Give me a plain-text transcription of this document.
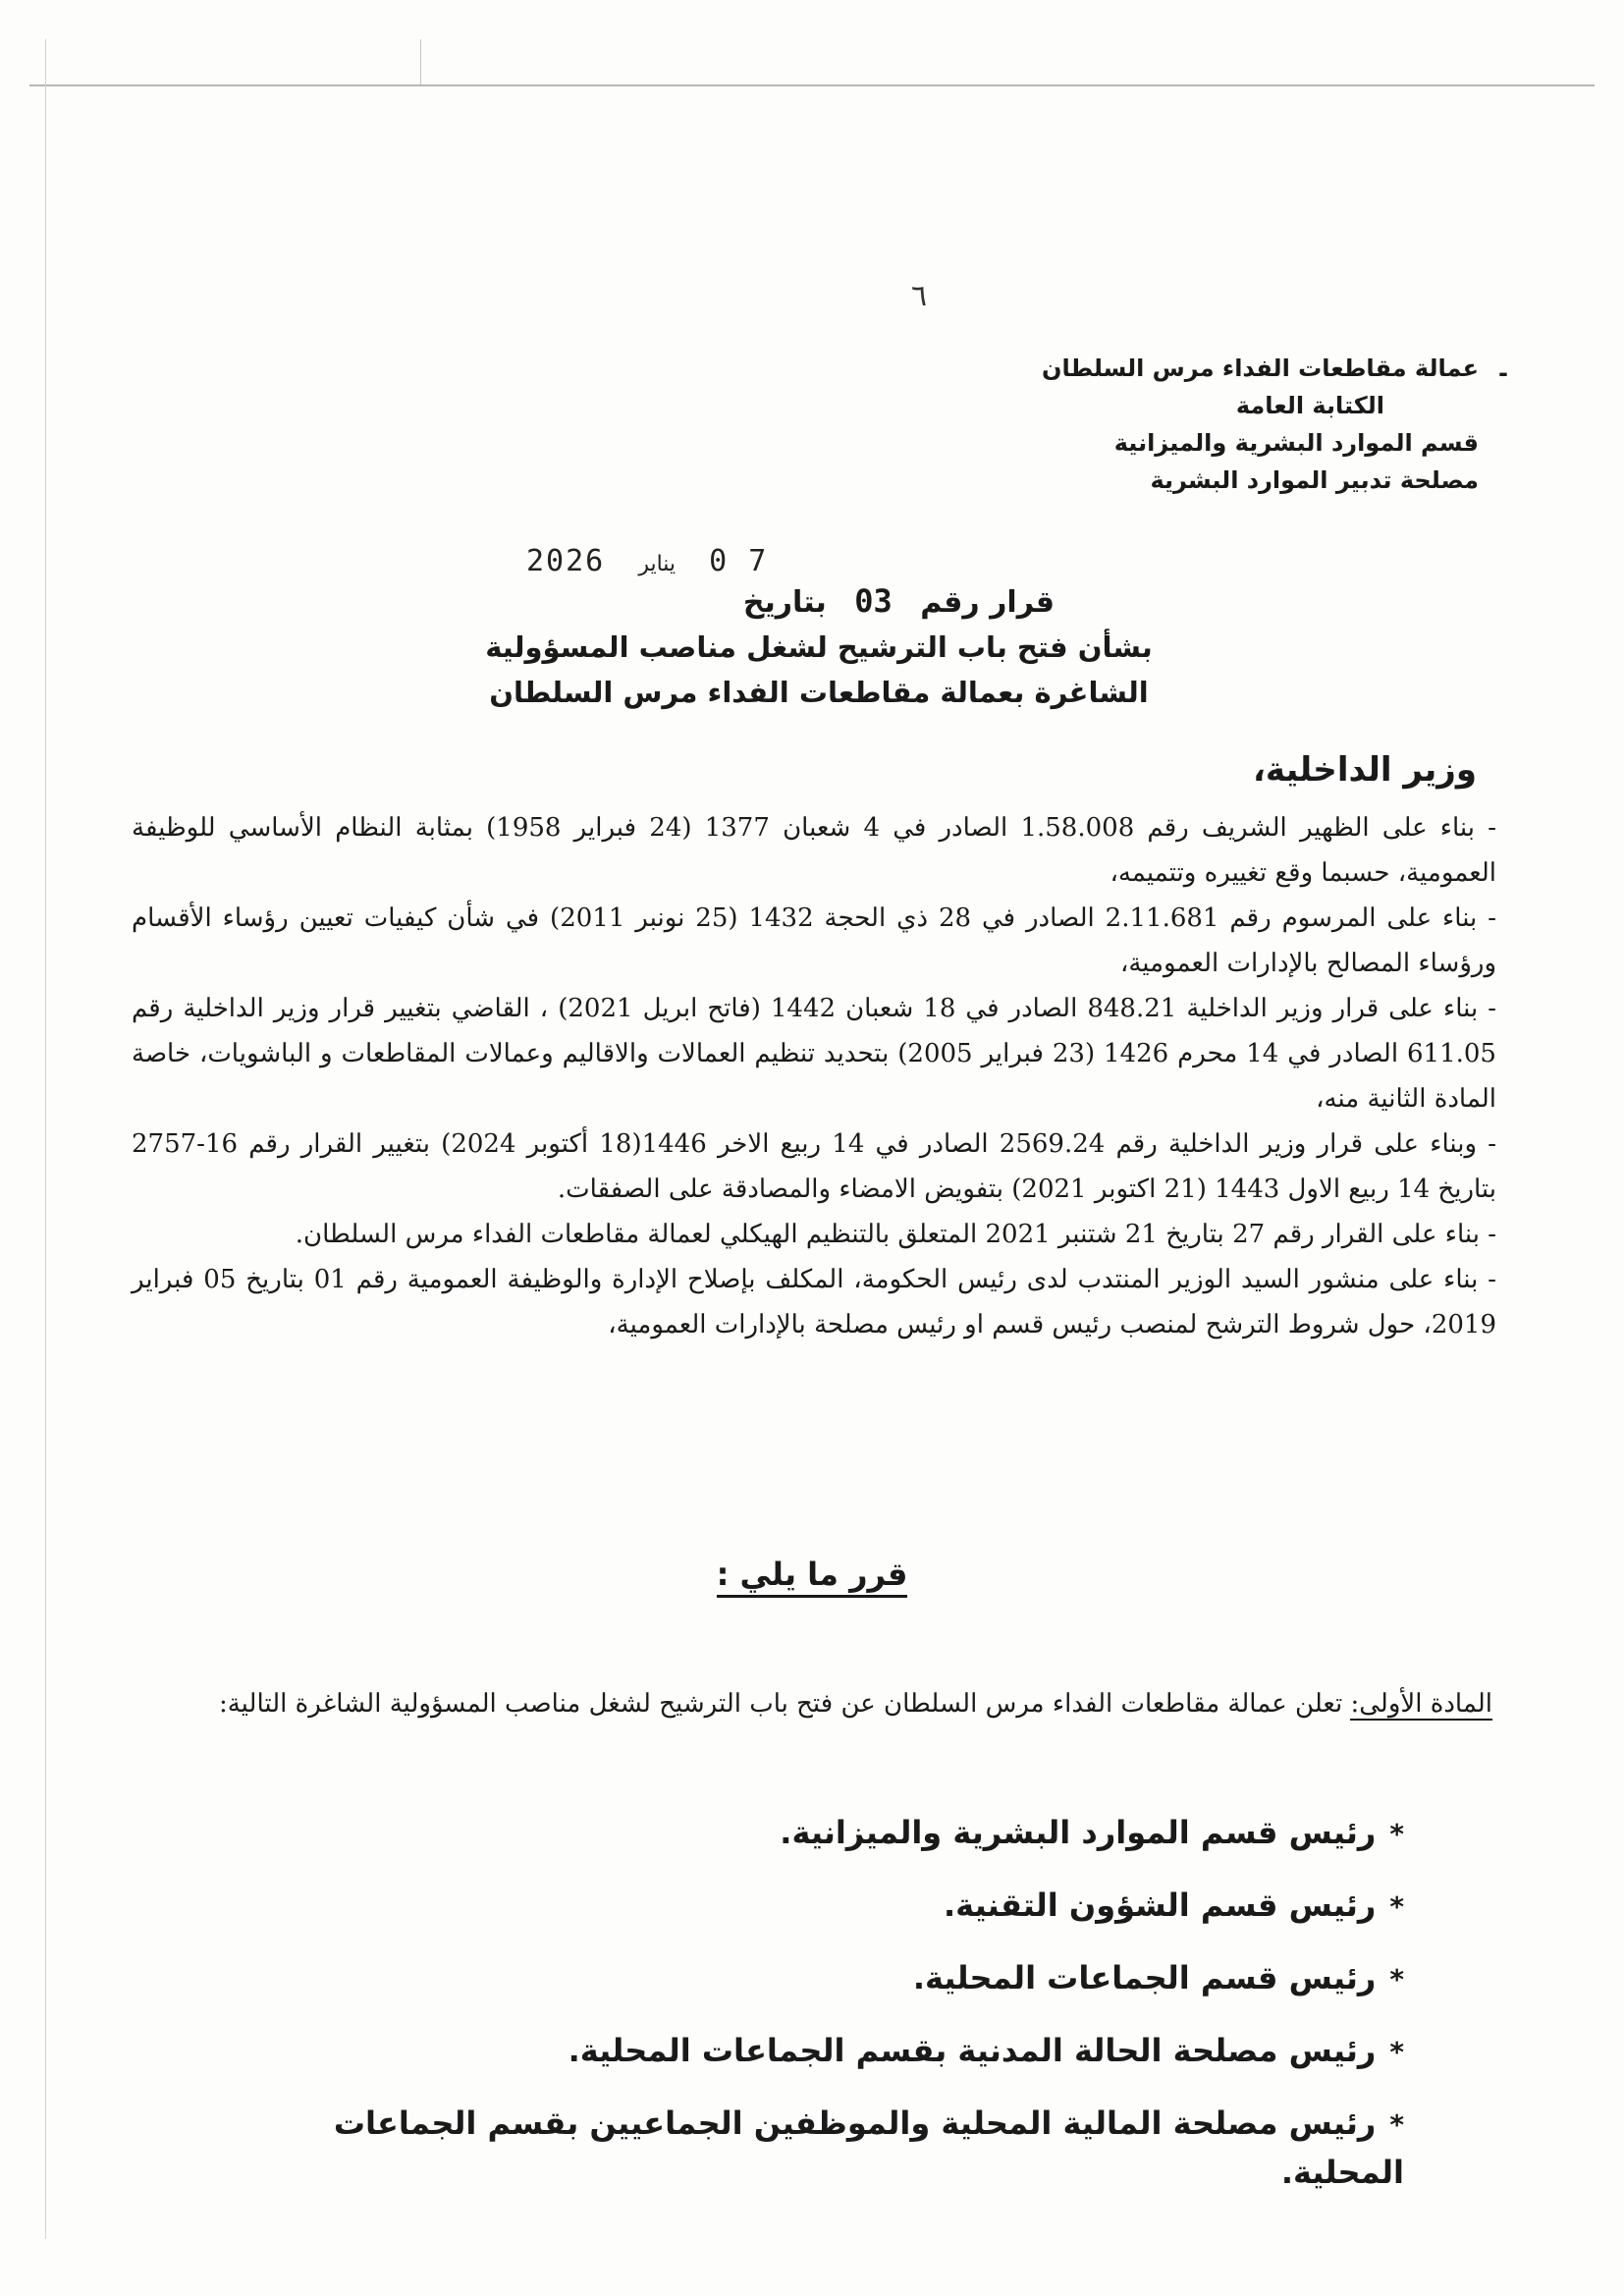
٦
-
عمالة مقاطعات الفداء مرس السلطان
الكتابة العامة
قسم الموارد البشرية والميزانية
مصلحة تدبير الموارد البشرية
2026 يناير 0 7
قرار رقم 03 بتاريخ
بشأن فتح باب الترشيح لشغل مناصب المسؤولية
الشاغرة بعمالة مقاطعات الفداء مرس السلطان
وزير الداخلية،

- بناء على الظهير الشريف رقم 1.58.008 الصادر في 4 شعبان 1377 (24 فبراير 1958) بمثابة النظام الأساسي للوظيفة العمومية، حسبما وقع تغييره وتتميمه،

- بناء على المرسوم رقم 2.11.681 الصادر في 28 ذي الحجة 1432 (25 نونبر 2011) في شأن كيفيات تعيين رؤساء الأقسام ورؤساء المصالح بالإدارات العمومية،

- بناء على قرار وزير الداخلية 848.21 الصادر في 18 شعبان 1442 (فاتح ابريل 2021) ، القاضي بتغيير قرار وزير الداخلية رقم 611.05 الصادر في 14 محرم 1426 (23 فبراير 2005) بتحديد تنظيم العمالات والاقاليم وعمالات المقاطعات و الباشويات، خاصة المادة الثانية منه،

- وبناء على قرار وزير الداخلية رقم 2569.24 الصادر في 14 ربيع الاخر 1446(18 أكتوبر 2024) بتغيير القرار رقم 16-2757 بتاريخ 14 ربيع الاول 1443 (21 اكتوبر 2021) بتفويض الامضاء والمصادقة على الصفقات.

- بناء على القرار رقم 27 بتاريخ 21 شتنبر 2021 المتعلق بالتنظيم الهيكلي لعمالة مقاطعات الفداء مرس السلطان.

- بناء على منشور السيد الوزير المنتدب لدى رئيس الحكومة، المكلف بإصلاح الإدارة والوظيفة العمومية رقم 01 بتاريخ 05 فبراير 2019، حول شروط الترشح لمنصب رئيس قسم او رئيس مصلحة بالإدارات العمومية،

قرر ما يلي :
المادة الأولى: تعلن عمالة مقاطعات الفداء مرس السلطان عن فتح باب الترشيح لشغل مناصب المسؤولية الشاغرة التالية:
*رئيس قسم الموارد البشرية والميزانية.
*رئيس قسم الشؤون التقنية.
*رئيس قسم الجماعات المحلية.
*رئيس مصلحة الحالة المدنية بقسم الجماعات المحلية.
*رئيس مصلحة المالية المحلية والموظفين الجماعيين بقسم الجماعات المحلية.
